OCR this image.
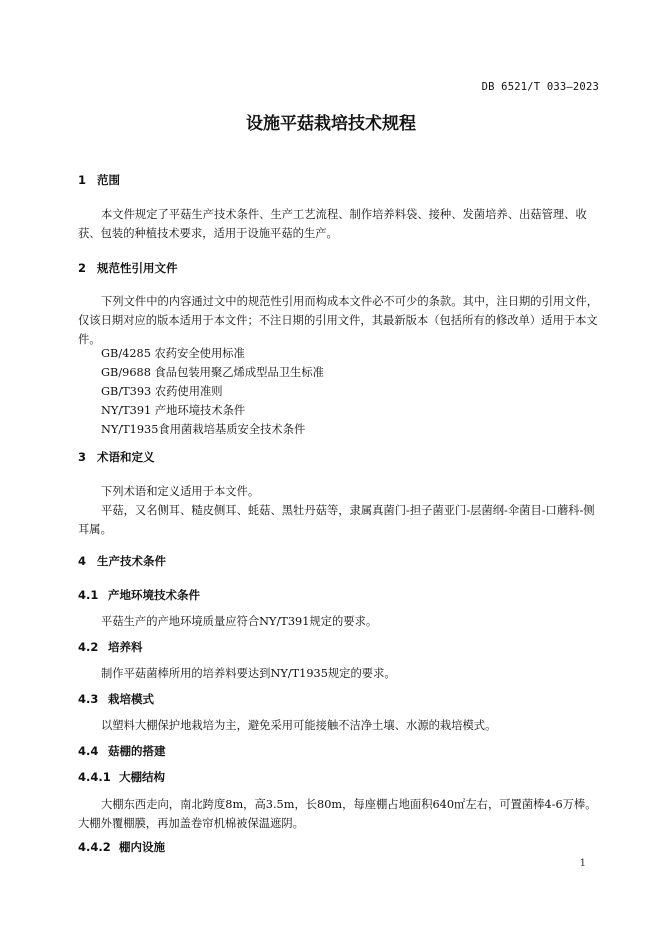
DB 6521/T 033—2023
设施平菇栽培技术规程
1 范围
本文件规定了平菇生产技术条件、生产工艺流程、制作培养料袋、接种、发菌培养、出菇管理、收获、包装的种植技术要求，适用于设施平菇的生产。
2 规范性引用文件
下列文件中的内容通过文中的规范性引用而构成本文件必不可少的条款。其中，注日期的引用文件，仅该日期对应的版本适用于本文件；不注日期的引用文件，其最新版本（包括所有的修改单）适用于本文件。
GB/4285 农药安全使用标准
GB/9688 食品包装用聚乙烯成型品卫生标准
GB/T393 农药使用准则
NY/T391 产地环境技术条件
NY/T1935食用菌栽培基质安全技术条件
3 术语和定义
下列术语和定义适用于本文件。
平菇，又名侧耳、糙皮侧耳、蚝菇、黑牡丹菇等，隶属真菌门-担子菌亚门-层菌纲-伞菌目-口蘑科-侧耳属。
4 生产技术条件
4.1 产地环境技术条件
平菇生产的产地环境质量应符合NY/T391规定的要求。
4.2 培养料
制作平菇菌棒所用的培养料要达到NY/T1935规定的要求。
4.3 栽培模式
以塑料大棚保护地栽培为主，避免采用可能接触不洁净土壤、水源的栽培模式。
4.4 菇棚的搭建
4.4.1 大棚结构
大棚东西走向，南北跨度8m，高3.5m，长80m，每座棚占地面积640㎡左右，可置菌棒4-6万棒。大棚外覆棚膜，再加盖卷帘机棉被保温遮阴。
4.4.2 棚内设施
1
